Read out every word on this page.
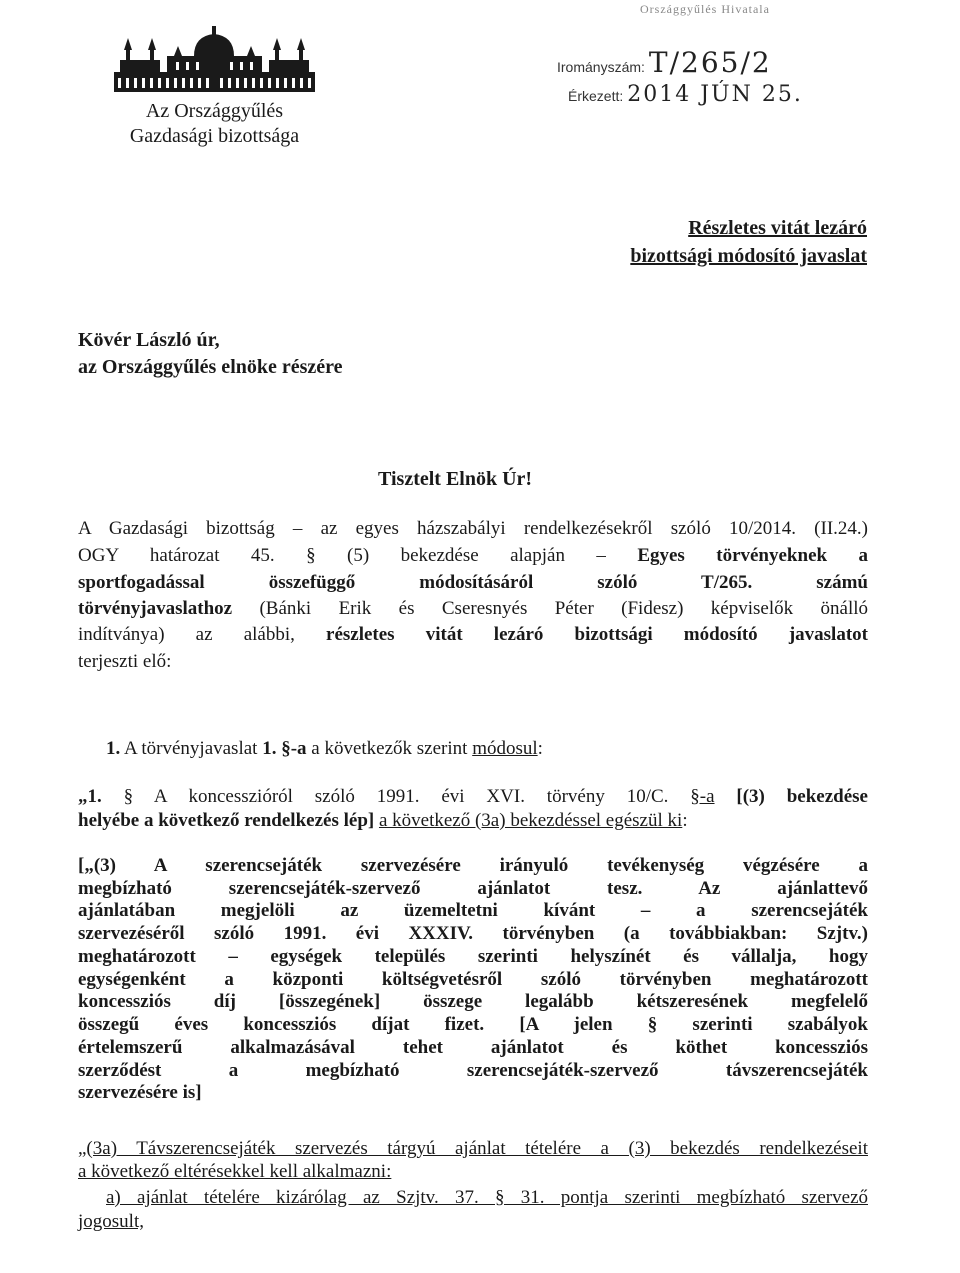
Az Országgyűlés
Gazdasági bizottsága
Országgyűlés Hivatala
Irományszám: T/265/2
Érkezett: 2014 JÚN 25.
Részletes vitát lezáró
bizottsági módosító javaslat
Kövér László úr,
az Országgyűlés elnöke részére
Tisztelt Elnök Úr!
A Gazdasági bizottság – az egyes házszabályi rendelkezésekről szóló 10/2014. (II.24.)
OGY határozat 45. § (5) bekezdése alapján – Egyes törvényeknek a
sportfogadással összefüggő módosításáról szóló T/265. számú
törvényjavaslathoz (Bánki Erik és Cseresnyés Péter (Fidesz) képviselők önálló
indítványa) az alábbi, részletes vitát lezáró bizottsági módosító javaslatot
terjeszti elő:
1. A törvényjavaslat 1. §-a a következők szerint módosul:
„1. § A koncesszióról szóló 1991. évi XVI. törvény 10/C. §-a [(3) bekezdése
helyébe a következő rendelkezés lép] a következő (3a) bekezdéssel egészül ki:
[„(3) A szerencsejáték szervezésére irányuló tevékenység végzésére a
megbízható szerencsejáték-szervező ajánlatot tesz. Az ajánlattevő
ajánlatában megjelöli az üzemeltetni kívánt – a szerencsejáték
szervezéséről szóló 1991. évi XXXIV. törvényben (a továbbiakban: Szjtv.)
meghatározott – egységek település szerinti helyszínét és vállalja, hogy
egységenként a központi költségvetésről szóló törvényben meghatározott
koncessziós díj [összegének] összege legalább kétszeresének megfelelő
összegű éves koncessziós díjat fizet. [A jelen § szerinti szabályok
értelemszerű alkalmazásával tehet ajánlatot és köthet koncessziós
szerződést a megbízható szerencsejáték-szervező távszerencsejáték
szervezésére is]
„(3a) Távszerencsejáték szervezés tárgyú ajánlat tételére a (3) bekezdés rendelkezéseit
a következő eltérésekkel kell alkalmazni:
a) ajánlat tételére kizárólag az Szjtv. 37. § 31. pontja szerinti megbízható szervező
jogosult,
